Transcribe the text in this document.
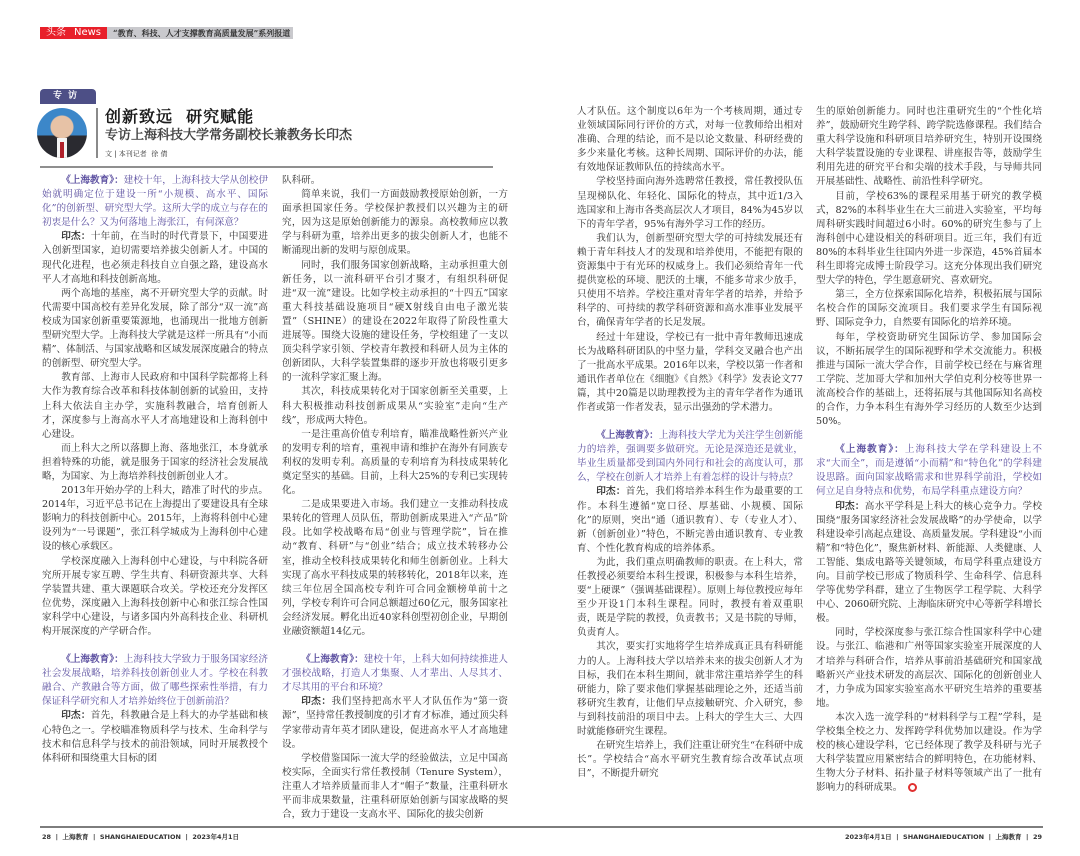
头条 News	“教育、科技、人才支撑教育高质量发展”系列报道
专访
创新致远  研究赋能
专访上海科技大学常务副校长兼教务长印杰
文 | 本刊记者  徐 倩

《上海教育》：建校十年，上海科技大学从创校伊始就明确定位于建设一所“小规模、高水平、国际化”的创新型、研究型大学。这所大学的成立与存在的初衷是什么？又为何落地上海张江，有何深意？

印杰：十年前，在当时的时代背景下，中国要进入创新型国家，迫切需要培养拔尖创新人才。中国的现代化进程，也必须走科技自立自强之路，建设高水平人才高地和科技创新高地。

两个高地的基座，离不开研究型大学的贡献。时代需要中国高校有差异化发展，除了部分“双一流”高校成为国家创新重要策源地，也涌现出一批地方创新型研究型大学。上海科技大学就是这样一所具有“小而精”、体制活、与国家战略和区域发展深度融合的特点的创新型、研究型大学。

教育部、上海市人民政府和中国科学院都将上科大作为教育综合改革和科技体制创新的试验田，支持上科大依法自主办学，实施科教融合，培育创新人才，深度参与上海高水平人才高地建设和上海科创中心建设。

而上科大之所以落脚上海、落地张江，本身就承担着特殊的功能，就是服务于国家的经济社会发展战略，为国家、为上海培养科技创新创业人才。

2013年开始办学的上科大，踏准了时代的步点。2014年，习近平总书记在上海提出了要建设具有全球影响力的科技创新中心。2015年，上海将科创中心建设列为“一号课题”，张江科学城成为上海科创中心建设的核心承载区。

学校深度融入上海科创中心建设，与中科院各研究所开展专家互聘、学生共育、科研资源共享、大科学装置共建、重大课题联合攻关。学校还充分发挥区位优势，深度融入上海科技创新中心和张江综合性国家科学中心建设，与诸多国内外高科技企业、科研机构开展深度的产学研合作。

《上海教育》：上海科技大学致力于服务国家经济社会发展战略，培养科技创新创业人才。学校在科教融合、产教融合等方面，做了哪些探索性举措，有力保证科学研究和人才培养始终位于创新前沿？

印杰：首先，科教融合是上科大的办学基础和核心特色之一。学校瞄准物质科学与技术、生命科学与技术和信息科学与技术的前沿领域，同时开展教授个体科研和围绕重大目标的团

队科研。

简单来说，我们一方面鼓励教授原始创新，一方面承担国家任务。学校保护教授们以兴趣为主的研究，因为这是原始创新能力的源泉。高校教师应以教学与科研为重，培养出更多的拔尖创新人才，也能不断涌现出新的发明与原创成果。

同时，我们服务国家创新战略，主动承担重大创新任务，以一流科研平台引才聚才，有组织科研促进“双一流”建设。比如学校主动承担的“十四五”国家重大科技基础设施项目“硬X射线自由电子激光装置”（SHINE）的建设在2022年取得了阶段性重大进展等。围绕大设施的建设任务，学校组建了一支以顶尖科学家引领、学校青年教授和科研人员为主体的创新团队，大科学装置集群的逐步开放也将吸引更多的一流科学家汇聚上海。

其次，科技成果转化对于国家创新至关重要，上科大积极推动科技创新成果从“实验室”走向“生产线”，形成两大特色。

一是注重高价值专利培育，瞄准战略性新兴产业的发明专利的培育，重视申请和维护在海外有同族专利权的发明专利。高质量的专利培育为科技成果转化奠定坚实的基础。目前，上科大25%的专利已实现转化。

二是成果要进入市场。我们建立一支推动科技成果转化的管理人员队伍，帮助创新成果进入“产品”阶段。比如学校战略布局“创业与管理学院”，旨在推动“教育、科研”与“创业”结合；成立技术转移办公室，推动全校科技成果转化和师生创新创业。上科大实现了高水平科技成果的转移转化，2018年以来，连续三年位居全国高校专利许可合同金额榜单前十之列，学校专利许可合同总额超过60亿元，服务国家社会经济发展。孵化出近40家科创型初创企业，早期创业融资额超14亿元。

《上海教育》：建校十年，上科大如何持续推进人才强校战略，打造人才集聚、人才辈出、人尽其才、才尽其用的平台和环境？

印杰：我们坚持把高水平人才队伍作为“第一资源”，坚持常任教授制度的引才育才标准，通过顶尖科学家带动青年英才团队建设，促进高水平人才高地建设。

学校借鉴国际一流大学的经验做法，立足中国高校实际，全面实行常任教授制（Tenure System），注重人才培养质量而非人才“帽子”数量，注重科研水平而非成果数量，注重科研原始创新与国家战略的契合，致力于建设一支高水平、国际化的拔尖创新

人才队伍。这个制度以6年为一个考核周期，通过专业领域国际同行评价的方式，对每一位教师给出相对准确、合理的结论，而不是以论文数量、科研经费的多少来量化考核。这种长周期、国际评价的办法，能有效地保证教师队伍的持续高水平。

学校坚持面向海外选聘常任教授，常任教授队伍呈现梯队化、年轻化、国际化的特点，其中近1/3入选国家和上海市各类高层次人才项目，84%为45岁以下的青年学者，95%有海外学习工作的经历。

我们认为，创新型研究型大学的可持续发展还有赖于青年科技人才的发现和培养使用，不能把有限的资源集中于有光环的权威身上。我们必须给青年一代提供宽松的环境、肥沃的土壤，不能多苛求少放手，只使用不培养。学校注重对青年学者的培养，并给予科学的、可持续的教学科研资源和高水准事业发展平台，确保青年学者的长足发展。

经过十年建设，学校已有一批中青年教师迅速成长为战略科研团队的中坚力量，学科交叉融合也产出了一批高水平成果。2016年以来，学校以第一作者和通讯作者单位在《细胞》《自然》《科学》发表论文77篇，其中20篇是以助理教授为主的青年学者作为通讯作者或第一作者发表，显示出强劲的学术潜力。

《上海教育》：上海科技大学尤为关注学生创新能力的培养，强调要多做研究。无论是深造还是就业，毕业生质量都受到国内外同行和社会的高度认可，那么，学校在创新人才培养上有着怎样的设计与特点？

印杰：首先，我们将培养本科生作为最重要的工作。本科生遵循“宽口径、厚基础、小规模、国际化”的原则，突出“通（通识教育）、专（专业人才）、新（创新创业）”特色，不断完善由通识教育、专业教育、个性化教育构成的培养体系。

为此，我们重点明确教师的职责。在上科大，常任教授必须要给本科生授课，积极参与本科生培养，要“上硬课”（强调基础课程）。原则上每位教授应每年至少开设1门本科生课程。同时，教授有着双重职责，既是学院的教授，负责教书；又是书院的导师，负责育人。

其次，要实打实地将学生培养成真正具有科研能力的人。上海科技大学以培养未来的拔尖创新人才为目标，我们在本科生期间，就非常注重培养学生的科研能力，除了要求他们掌握基础理论之外，还适当前移研究生教育，让他们早点接触研究、介入研究，参与到科技前沿的项目中去。上科大的学生大三、大四时就能修研究生课程。

在研究生培养上，我们注重让研究生“在科研中成长”。学校结合“高水平研究生教育综合改革试点项目”，不断提升研究

生的原始创新能力。同时也注重研究生的“个性化培养”，鼓励研究生跨学科、跨学院选修课程。我们结合重大科学设施和科研项目培养研究生，特别开设围绕大科学装置设施的专业课程、讲座报告等，鼓励学生利用先进的研究平台和尖端的技术手段，与导师共同开展基础性、战略性、前沿性科学研究。

目前，学校63%的课程采用基于研究的教学模式，82%的本科毕业生在大三前进入实验室，平均每周科研实践时间超过6小时。60%的研究生参与了上海科创中心建设相关的科研项目。近三年，我们有近80%的本科毕业生往国内外进一步深造，45%首届本科生即将完成博士阶段学习。这充分体现出我们研究型大学的特色，学生愿意研究、喜欢研究。

第三，全方位探索国际化培养，积极拓展与国际名校合作的国际交流项目。我们要求学生有国际视野、国际竞争力，自然要有国际化的培养环境。

每年，学校资助研究生国际访学、参加国际会议，不断拓展学生的国际视野和学术交流能力。积极推进与国际一流大学合作，目前学校已经在与麻省理工学院、芝加哥大学和加州大学伯克利分校等世界一流高校合作的基础上，还将拓展与其他国际知名高校的合作，力争本科生有海外学习经历的人数至少达到50%。

《上海教育》：上海科技大学在学科建设上不求“大而全”，而是遵循“小而精”和“特色化”的学科建设思路。面向国家战略需求和世界科学前沿，学校如何立足自身特点和优势，布局学科重点建设方向？

印杰：高水平学科是上科大的核心竞争力。学校围绕“服务国家经济社会发展战略”的办学使命，以学科建设牵引高起点建设、高质量发展。学科建设“小而精”和“特色化”，聚焦新材料、新能源、人类健康、人工智能、集成电路等关键领域，布局学科重点建设方向。目前学校已形成了物质科学、生命科学、信息科学等优势学科群，建立了生物医学工程学院、大科学中心、2060研究院、上海临床研究中心等新学科增长极。

同时，学校深度参与张江综合性国家科学中心建设。与张江、临港和广州等国家实验室开展深度的人才培养与科研合作，培养从事前沿基础研究和国家战略新兴产业技术研发的高层次、国际化的创新创业人才，力争成为国家实验室高水平研究生培养的重要基地。

本次入选一流学科的“材料科学与工程”学科，是学校集全校之力、发挥跨学科优势加以建设。作为学校的核心建设学科，它已经体现了教学及科研与光子大科学装置应用紧密结合的鲜明特色，在功能材料、生物大分子材料、拓扑量子材料等领域产出了一批有影响力的科研成果。

28  |  上海教育  |  SHANGHAIEDUCATION  |  2023年4月1日	2023年4月1日  |  SHANGHAIEDUCATION  |  上海教育  |  29
